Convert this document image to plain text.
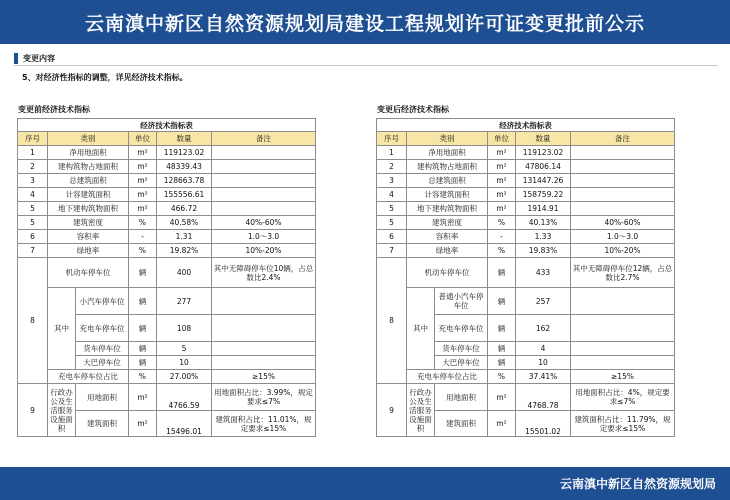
云南滇中新区自然资源规划局建设工程规划许可证变更批前公示
变更内容
5、对经济性指标的调整，详见经济技术指标。
变更前经济技术指标	变更后经济技术指标
经济技术指标表					
序号	类别		单位	数量	备注
1	净用地面积		m²	119123.02	
2	建构筑物占地面积		m²	48339.43	
3	总建筑面积		m²	128663.78	
4	计容建筑面积		m²	155556.61	
5	地下建构筑物面积		m²	466.72	
5	建筑密度		%	40.58%	40%-60%
6	容积率		-	1.31	1.0～3.0
7	绿地率		%	19.82%	10%-20%
8	机动车停车位		辆	400	其中无障碍停车位10辆，占总数比2.4%
	其中	小汽车停车位	辆	277	
		充电车停车位	辆	108	
		货车停车位	辆	5	
		大巴停车位	辆	10	
	充电车停车位占比		%	27.00%	≥15%
9	行政办公及生活服务设施面积	用地面积	m²	4766.59	用地面积占比：3.99%，规定要求≤7%
		建筑面积	m²	15496.01	建筑面积占比：11.01%，规定要求≤15%
经济技术指标表					
序号	类别		单位	数量	备注
1	净用地面积		m²	119123.02	
2	建构筑物占地面积		m²	47806.14	
3	总建筑面积		m²	131447.26	
4	计容建筑面积		m²	158759.22	
5	地下建构筑物面积		m²	1914.91	
5	建筑密度		%	40.13%	40%-60%
6	容积率		-	1.33	1.0～3.0
7	绿地率		%	19.83%	10%-20%
8	机动车停车位		辆	433	其中无障碍停车位12辆，占总数比2.7%
	其中	普通小汽车停车位	辆	257	
		充电车停车位	辆	162	
		货车停车位	辆	4	
		大巴停车位	辆	10	
	充电车停车位占比		%	37.41%	≥15%
9	行政办公及生活服务设施面积	用地面积	m²	4768.78	用地面积占比：4%，规定要求≤7%
		建筑面积	m²	15501.02	建筑面积占比：11.79%，规定要求≤15%
云南滇中新区自然资源规划局
